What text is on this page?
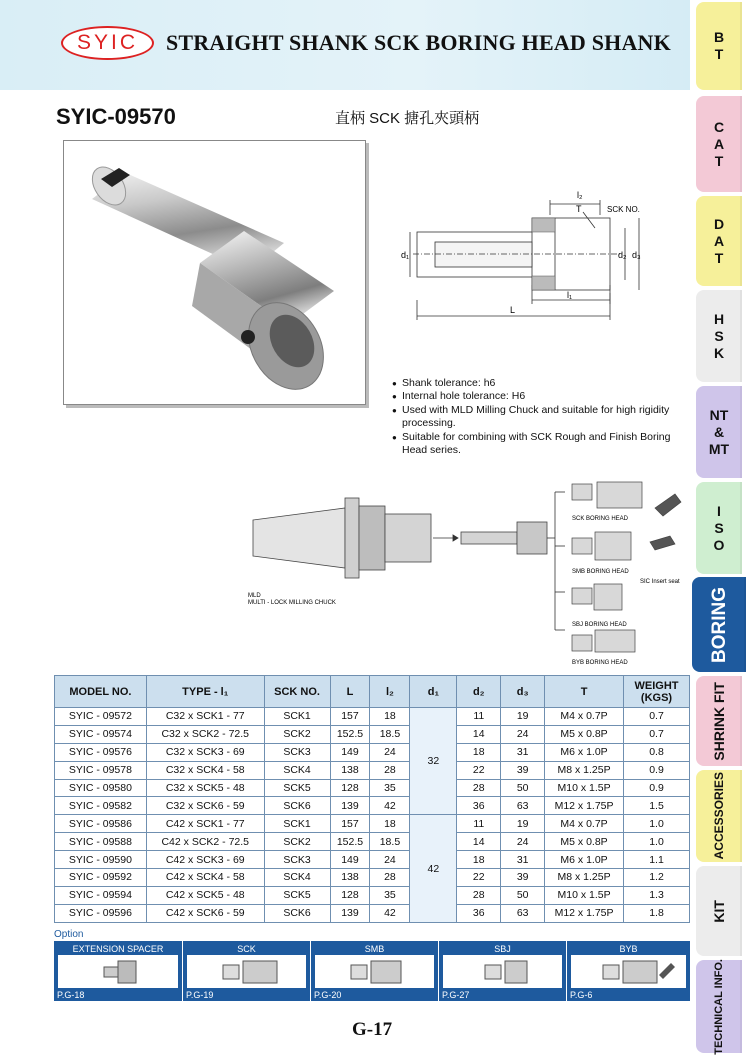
SYIC	STRAIGHT SHANK SCK BORING HEAD SHANK	B
T
C
A
T
D
A
T
H
S
K
NT
&
MT
I
S
O
BORING
SHRINK FIT
ACCESSORIES
KIT
TECHNICAL INFO.
SYIC-09570	直柄 SCK 搪孔夾頭柄
l₂
T	SCK NO.
d₁	d₂ d₃
l₁
L
● Shank tolerance: h6
● Internal hole tolerance: H6
● Used with MLD Milling Chuck and suitable for high rigidity processing.
● Suitable for combining with SCK Rough and Finish Boring Head series.
MLD
MULTI - LOCK MILLING CHUCK
SCK BORING HEAD
SMB BORING HEAD
SBJ BORING HEAD
BYB BORING HEAD
SIC Insert seat
MODEL NO.	TYPE - l₁	SCK NO.	L	l₂	d₁	d₂	d₃	T	WEIGHT (KGS)
SYIC - 09572	C32 x SCK1 - 77	SCK1	157	18	32	11	19	M4 x 0.7P	0.7
SYIC - 09574	C32 x SCK2 - 72.5	SCK2	152.5	18.5		14	24	M5 x 0.8P	0.7
SYIC - 09576	C32 x SCK3 - 69	SCK3	149	24		18	31	M6 x 1.0P	0.8
SYIC - 09578	C32 x SCK4 - 58	SCK4	138	28		22	39	M8 x 1.25P	0.9
SYIC - 09580	C32 x SCK5 - 48	SCK5	128	35		28	50	M10 x 1.5P	0.9
SYIC - 09582	C32 x SCK6 - 59	SCK6	139	42		36	63	M12 x 1.75P	1.5
SYIC - 09586	C42 x SCK1 - 77	SCK1	157	18	42	11	19	M4 x 0.7P	1.0
SYIC - 09588	C42 x SCK2 - 72.5	SCK2	152.5	18.5		14	24	M5 x 0.8P	1.0
SYIC - 09590	C42 x SCK3 - 69	SCK3	149	24		18	31	M6 x 1.0P	1.1
SYIC - 09592	C42 x SCK4 - 58	SCK4	138	28		22	39	M8 x 1.25P	1.2
SYIC - 09594	C42 x SCK5 - 48	SCK5	128	35		28	50	M10 x 1.5P	1.3
SYIC - 09596	C42 x SCK6 - 59	SCK6	139	42		36	63	M12 x 1.75P	1.8
Option
EXTENSION SPACER
P.G-18
SCK
P.G-19
SMB
P.G-20
SBJ
P.G-27
BYB
P.G-6
G-17
